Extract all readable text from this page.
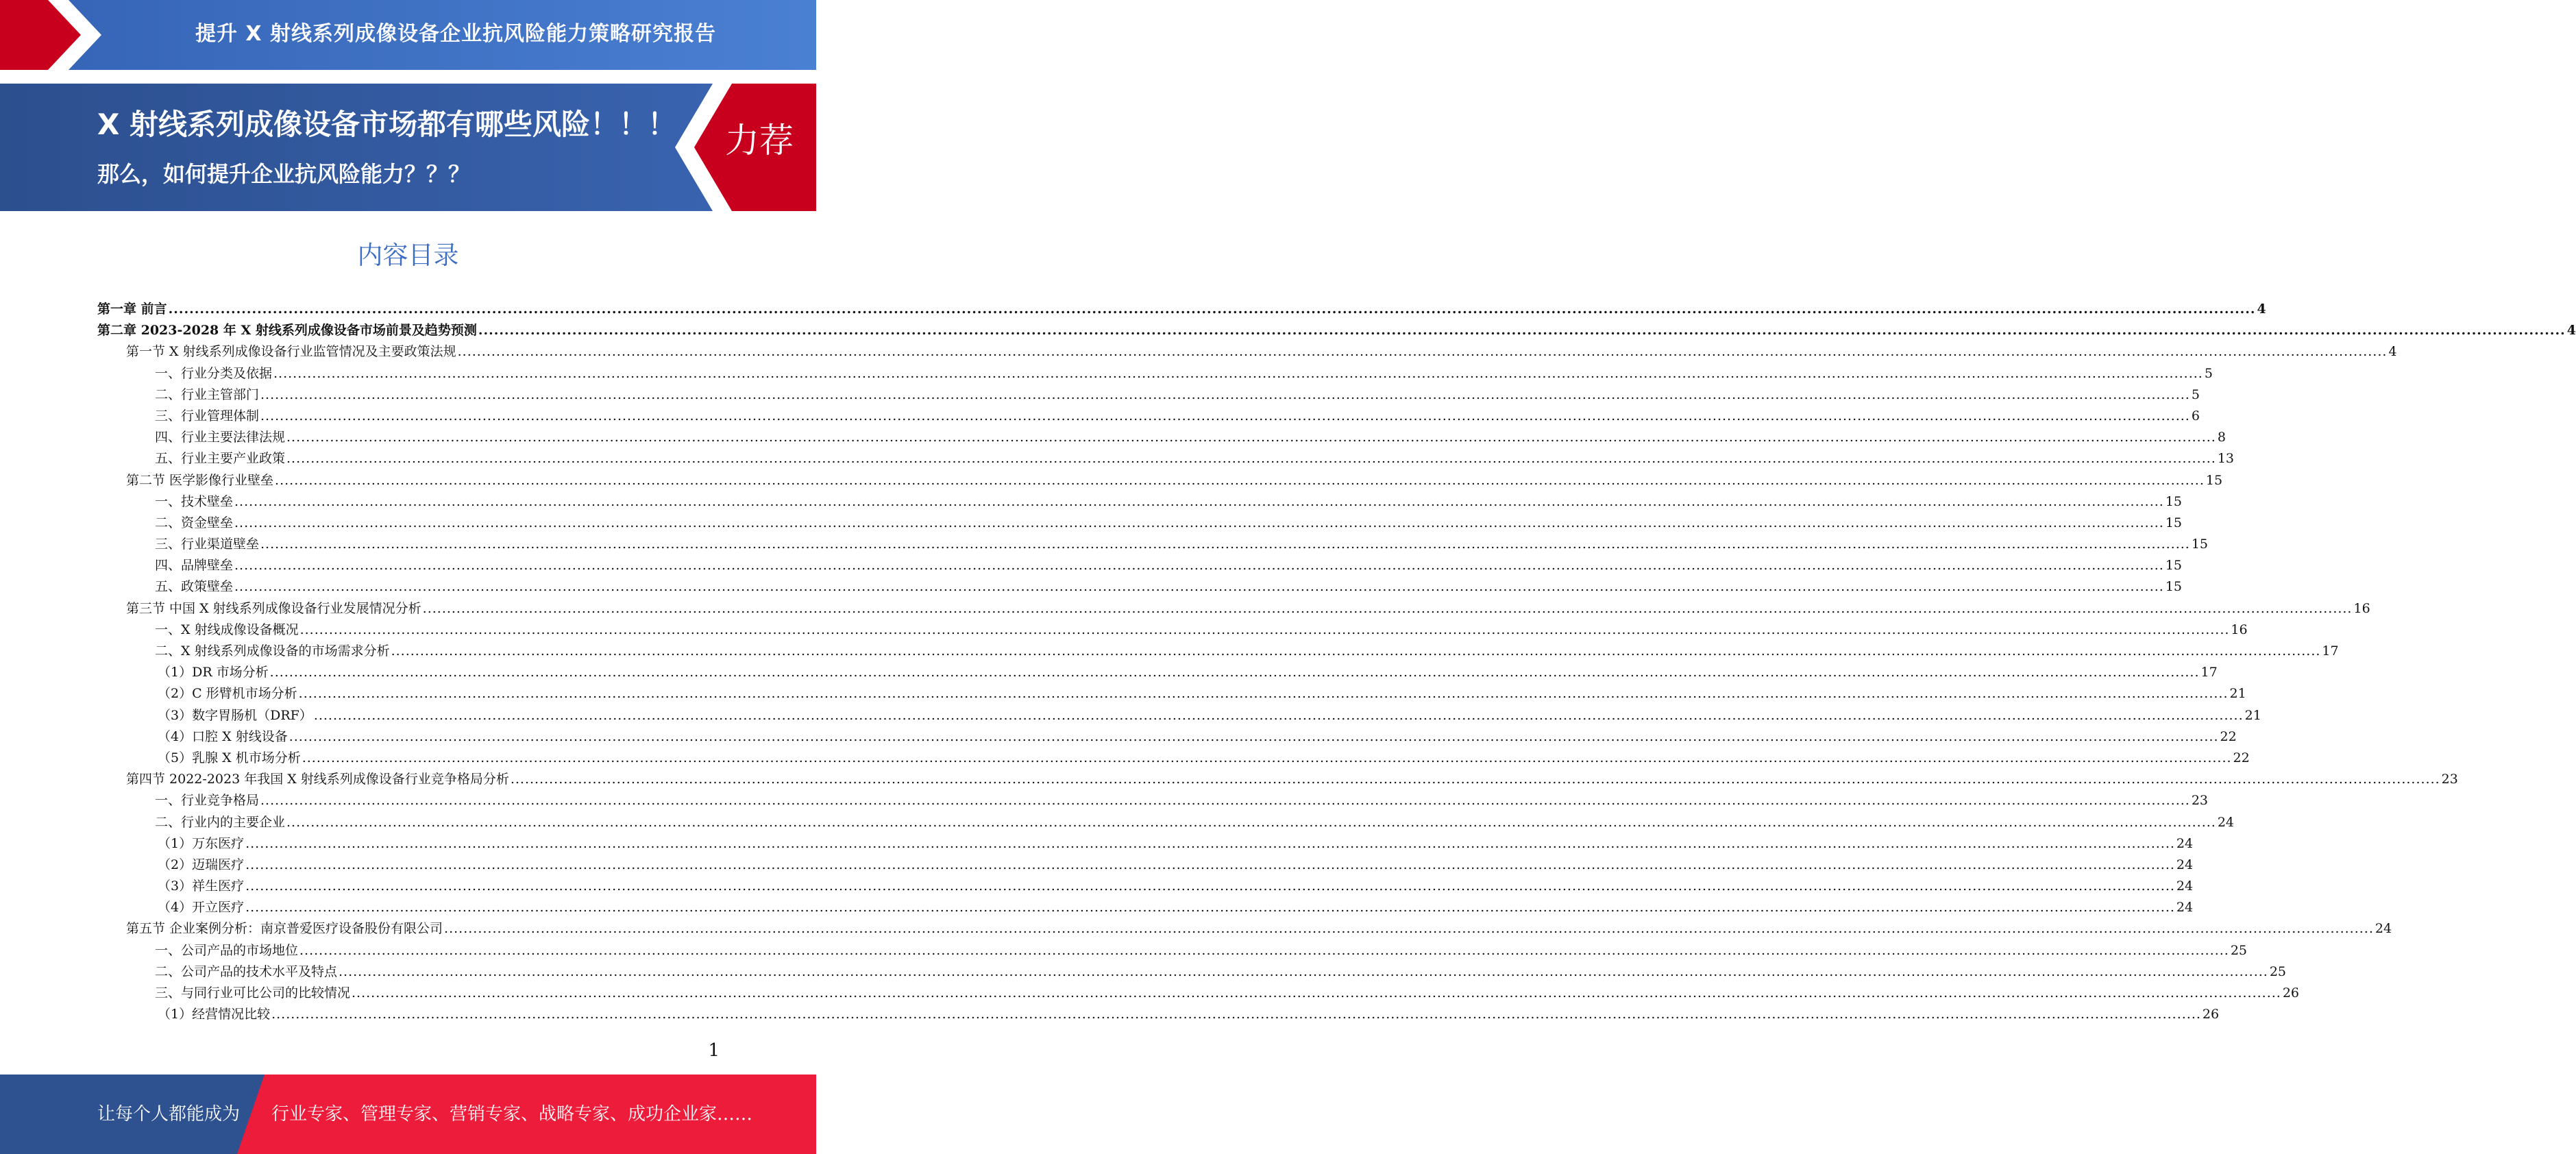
提升 X 射线系列成像设备企业抗风险能力策略研究报告
X 射线系列成像设备市场都有哪些风险！！！
那么，如何提升企业抗风险能力？？？
力荐
内容目录
第一章 前言 ................................................................................................................................................................................................................................................................................................................................................................................................................ 4
第二章 2023-2028 年 X 射线系列成像设备市场前景及趋势预测 ................................................................................................................................................................................................................................................................................................................................................................................................................ 4
第一节 X 射线系列成像设备行业监管情况及主要政策法规 ................................................................................................................................................................................................................................................................................................................................................................................................................ 4
一、行业分类及依据 ................................................................................................................................................................................................................................................................................................................................................................................................................ 5
二、行业主管部门 ................................................................................................................................................................................................................................................................................................................................................................................................................ 5
三、行业管理体制 ................................................................................................................................................................................................................................................................................................................................................................................................................ 6
四、行业主要法律法规 ................................................................................................................................................................................................................................................................................................................................................................................................................ 8
五、行业主要产业政策 ................................................................................................................................................................................................................................................................................................................................................................................................................ 13
第二节 医学影像行业壁垒 ................................................................................................................................................................................................................................................................................................................................................................................................................ 15
一、技术壁垒 ................................................................................................................................................................................................................................................................................................................................................................................................................ 15
二、资金壁垒 ................................................................................................................................................................................................................................................................................................................................................................................................................ 15
三、行业渠道壁垒 ................................................................................................................................................................................................................................................................................................................................................................................................................ 15
四、品牌壁垒 ................................................................................................................................................................................................................................................................................................................................................................................................................ 15
五、政策壁垒 ................................................................................................................................................................................................................................................................................................................................................................................................................ 15
第三节 中国 X 射线系列成像设备行业发展情况分析 ................................................................................................................................................................................................................................................................................................................................................................................................................ 16
一、X 射线成像设备概况 ................................................................................................................................................................................................................................................................................................................................................................................................................ 16
二、X 射线系列成像设备的市场需求分析 ................................................................................................................................................................................................................................................................................................................................................................................................................ 17
（1）DR 市场分析 ................................................................................................................................................................................................................................................................................................................................................................................................................ 17
（2）C 形臂机市场分析 ................................................................................................................................................................................................................................................................................................................................................................................................................ 21
（3）数字胃肠机（DRF） ................................................................................................................................................................................................................................................................................................................................................................................................................ 21
（4）口腔 X 射线设备 ................................................................................................................................................................................................................................................................................................................................................................................................................ 22
（5）乳腺 X 机市场分析 ................................................................................................................................................................................................................................................................................................................................................................................................................ 22
第四节 2022-2023 年我国 X 射线系列成像设备行业竞争格局分析 ................................................................................................................................................................................................................................................................................................................................................................................................................ 23
一、行业竞争格局 ................................................................................................................................................................................................................................................................................................................................................................................................................ 23
二、行业内的主要企业 ................................................................................................................................................................................................................................................................................................................................................................................................................ 24
（1）万东医疗 ................................................................................................................................................................................................................................................................................................................................................................................................................ 24
（2）迈瑞医疗 ................................................................................................................................................................................................................................................................................................................................................................................................................ 24
（3）祥生医疗 ................................................................................................................................................................................................................................................................................................................................................................................................................ 24
（4）开立医疗 ................................................................................................................................................................................................................................................................................................................................................................................................................ 24
第五节 企业案例分析：南京普爱医疗设备股份有限公司 ................................................................................................................................................................................................................................................................................................................................................................................................................ 24
一、公司产品的市场地位 ................................................................................................................................................................................................................................................................................................................................................................................................................ 25
二、公司产品的技术水平及特点 ................................................................................................................................................................................................................................................................................................................................................................................................................ 25
三、与同行业可比公司的比较情况 ................................................................................................................................................................................................................................................................................................................................................................................................................ 26
（1）经营情况比较 ................................................................................................................................................................................................................................................................................................................................................................................................................ 26
1
让每个人都能成为 行业专家、管理专家、营销专家、战略专家、成功企业家……
